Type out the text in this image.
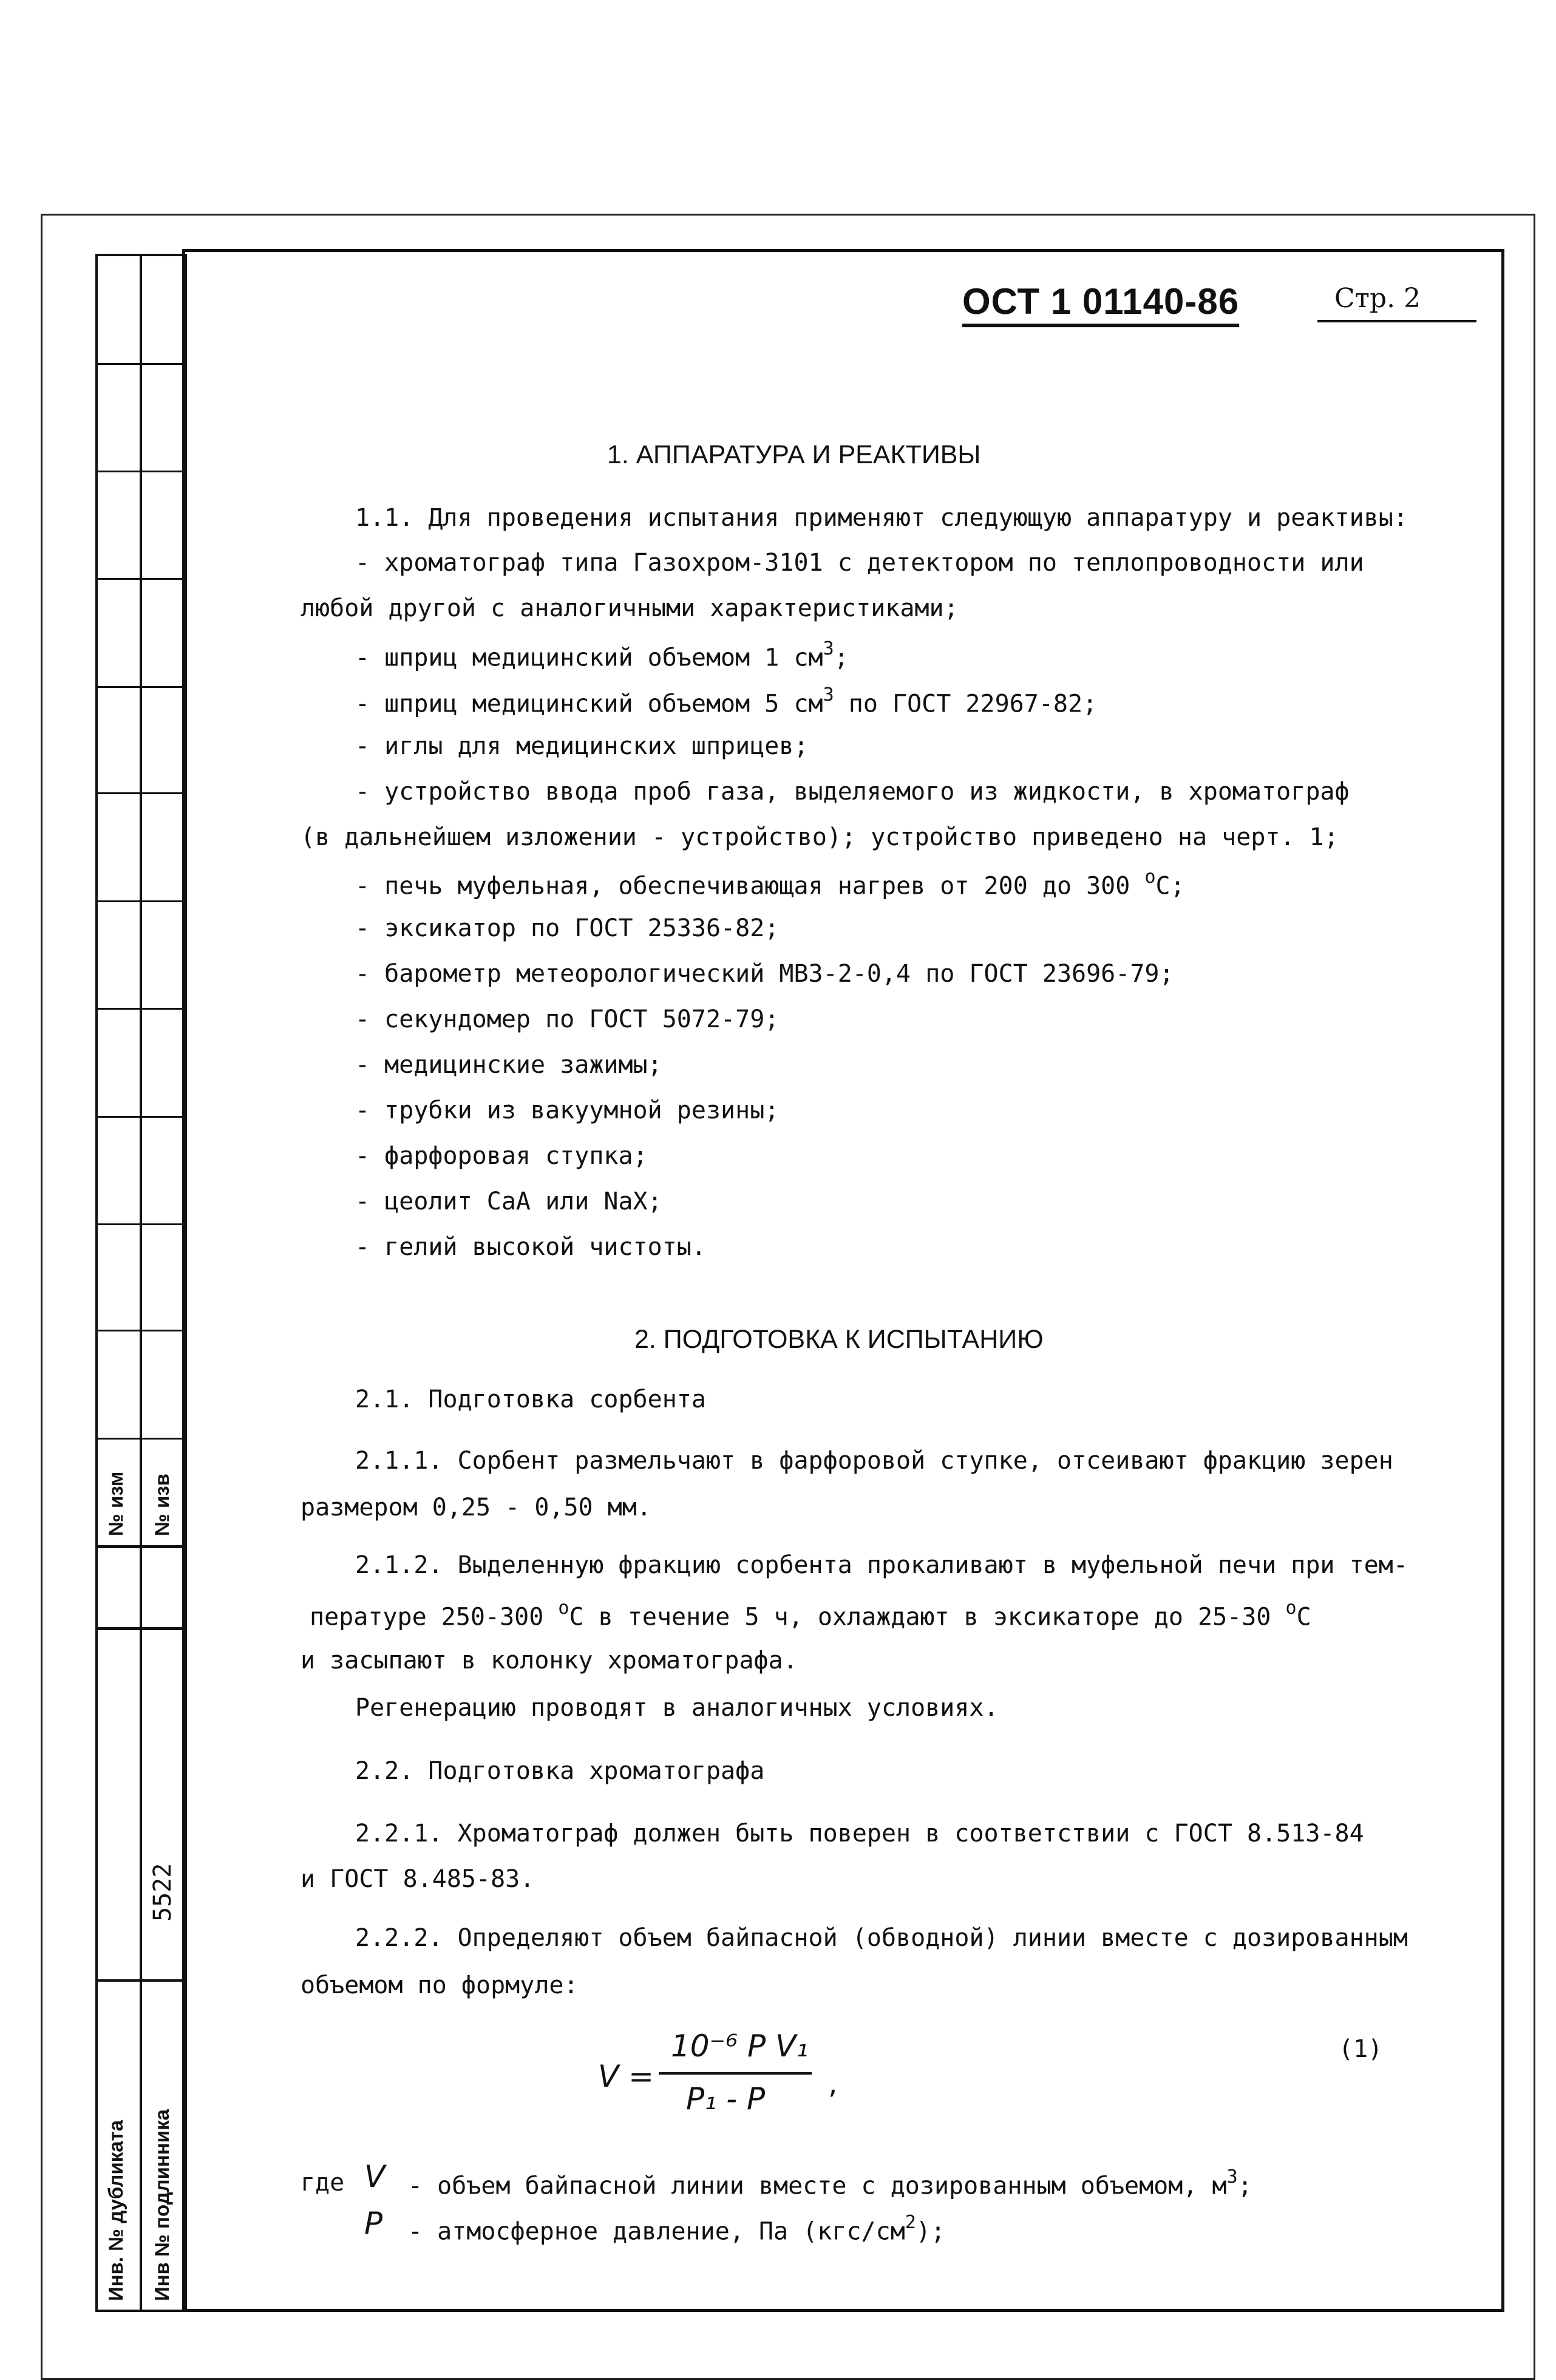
№ изм № изв
5522
Инв. № дубликата Инв № подлинника
ОСТ 1 01140-86	Стр. 2
1. АППАРАТУРА И РЕАКТИВЫ
1.1. Для проведения испытания применяют следующую аппаратуру и реактивы:
- хроматограф типа Газохром-3101 с детектором по теплопроводности или
любой другой с аналогичными характеристиками;
- шприц медицинский объемом 1 $см^3$;
- шприц медицинский объемом 5 $см^3$ по ГОСТ 22967-82;
- иглы для медицинских шприцев;
- устройство ввода проб газа, выделяемого из жидкости, в хроматограф
(в дальнейшем изложении - устройство); устройство приведено на черт. 1;
- печь муфельная, обеспечивающая нагрев от 200 до 300 $^о$С;
- эксикатор по ГОСТ 25336-82;
- барометр метеорологический МВЗ-2-0,4 по ГОСТ 23696-79;
- секундомер по ГОСТ 5072-79;
- медицинские зажимы;
- трубки из вакуумной резины;
- фарфоровая ступка;
- цеолит СаА или NaX;
- гелий высокой чистоты.
2. ПОДГОТОВКА К ИСПЫТАНИЮ
2.1. Подготовка сорбента
2.1.1. Сорбент размельчают в фарфоровой ступке, отсеивают фракцию зерен
размером 0,25 - 0,50 мм.
2.1.2. Выделенную фракцию сорбента прокаливают в муфельной печи при тем-
пературе 250-300 $^о$С в течение 5 ч, охлаждают в эксикаторе до 25-30 $^о$С
и засыпают в колонку хроматографа.
Регенерацию проводят в аналогичных условиях.
2.2. Подготовка хроматографа
2.2.1. Хроматограф должен быть поверен в соответствии с ГОСТ 8.513-84
и ГОСТ 8.485-83.
2.2.2. Определяют объем байпасной (обводной) линии вместе с дозированным
объемом по формуле:
V =
10⁻⁶ P V₁
P₁ - P ,
(1)
где V - объем байпасной линии вместе с дозированным объемом, $м^3$;
P - атмосферное давление, Па $(кгс/см^2)$;
